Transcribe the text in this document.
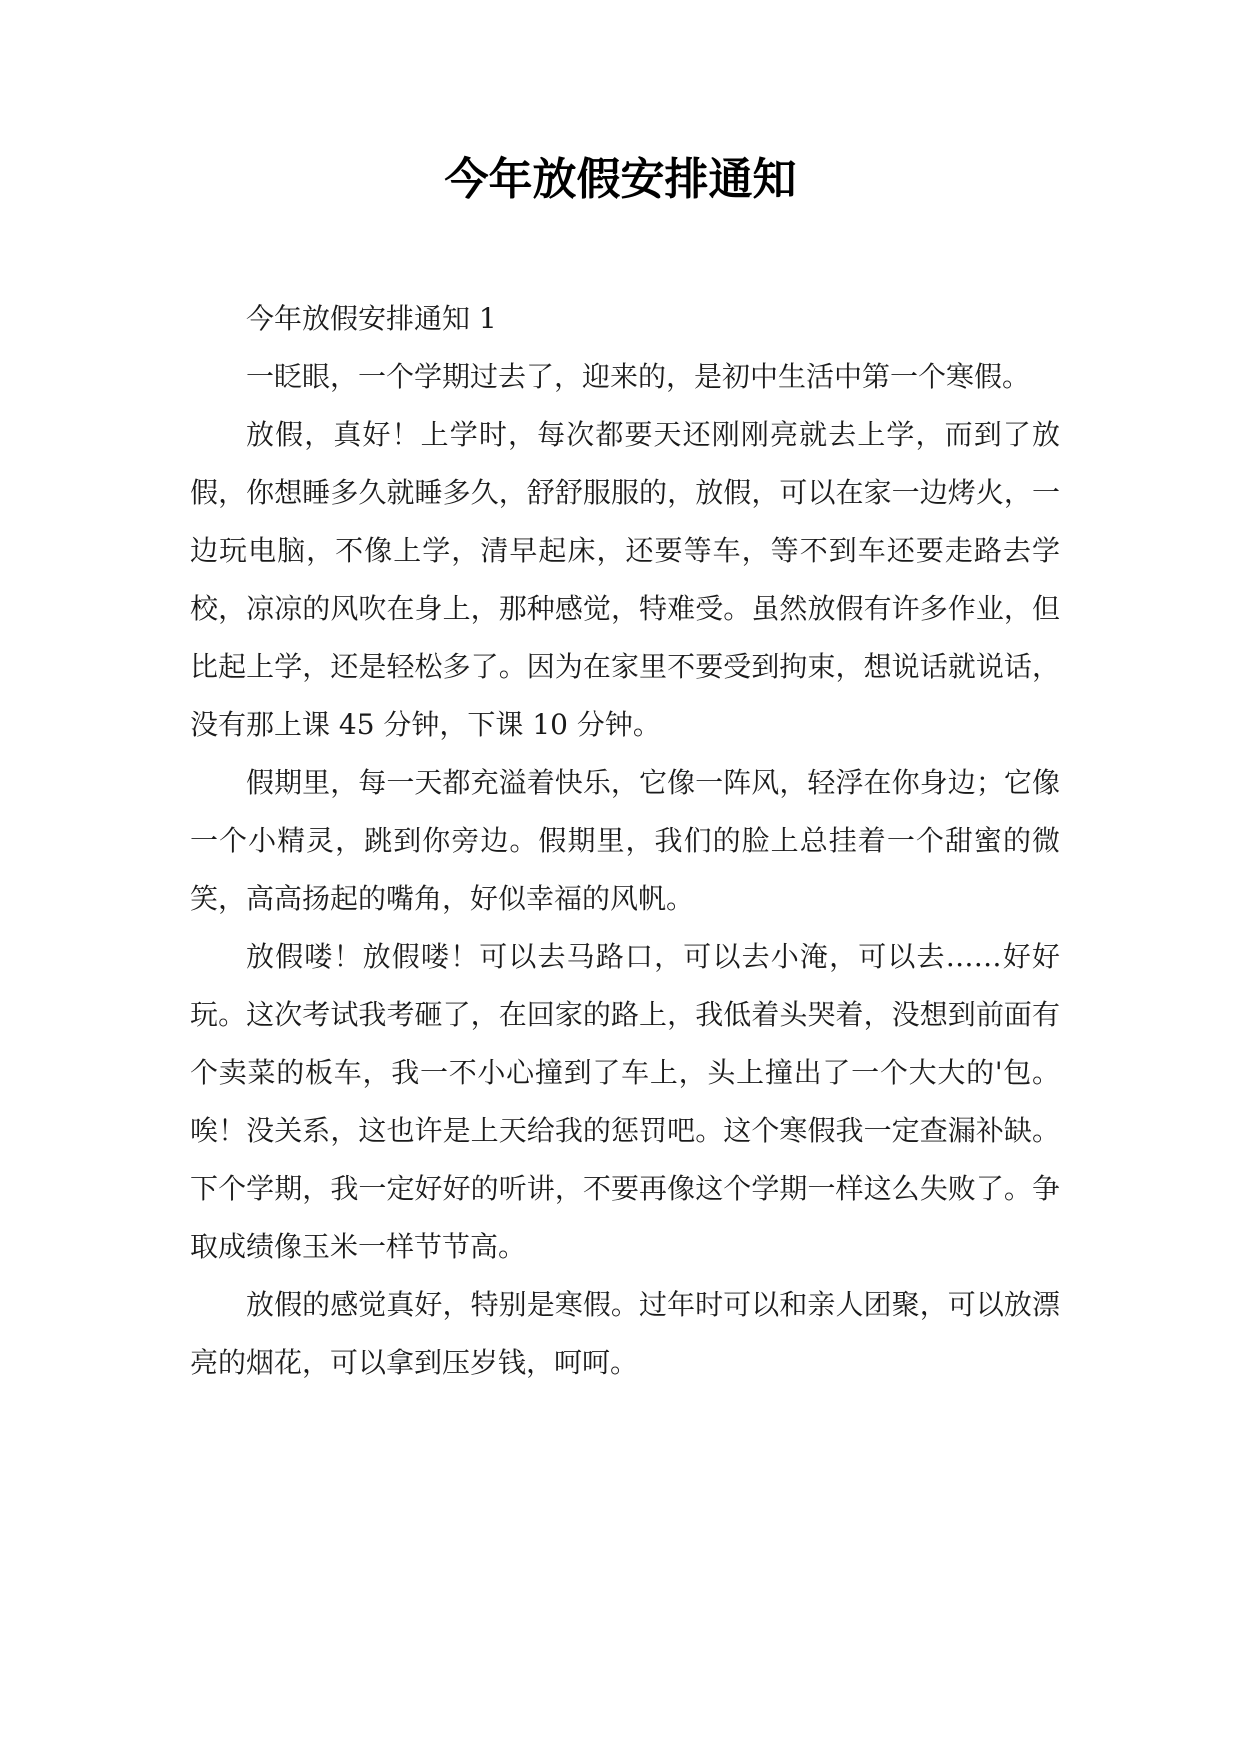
今年放假安排通知

今年放假安排通知 1

一眨眼，一个学期过去了，迎来的，是初中生活中第一个寒假。

放假，真好！上学时，每次都要天还刚刚亮就去上学，而到了放假，你想睡多久就睡多久，舒舒服服的，放假，可以在家一边烤火，一边玩电脑，不像上学，清早起床，还要等车，等不到车还要走路去学校，凉凉的风吹在身上，那种感觉，特难受。虽然放假有许多作业，但比起上学，还是轻松多了。因为在家里不要受到拘束，想说话就说话，没有那上课 45 分钟，下课 10 分钟。

假期里，每一天都充溢着快乐，它像一阵风，轻浮在你身边；它像一个小精灵，跳到你旁边。假期里，我们的脸上总挂着一个甜蜜的微笑，高高扬起的嘴角，好似幸福的风帆。

放假喽！放假喽！可以去马路口，可以去小淹，可以去……好好玩。这次考试我考砸了，在回家的路上，我低着头哭着，没想到前面有个卖菜的板车，我一不小心撞到了车上，头上撞出了一个大大的'包。唉！没关系，这也许是上天给我的惩罚吧。这个寒假我一定查漏补缺。下个学期，我一定好好的听讲，不要再像这个学期一样这么失败了。争取成绩像玉米一样节节高。

放假的感觉真好，特别是寒假。过年时可以和亲人团聚，可以放漂亮的烟花，可以拿到压岁钱，呵呵。
